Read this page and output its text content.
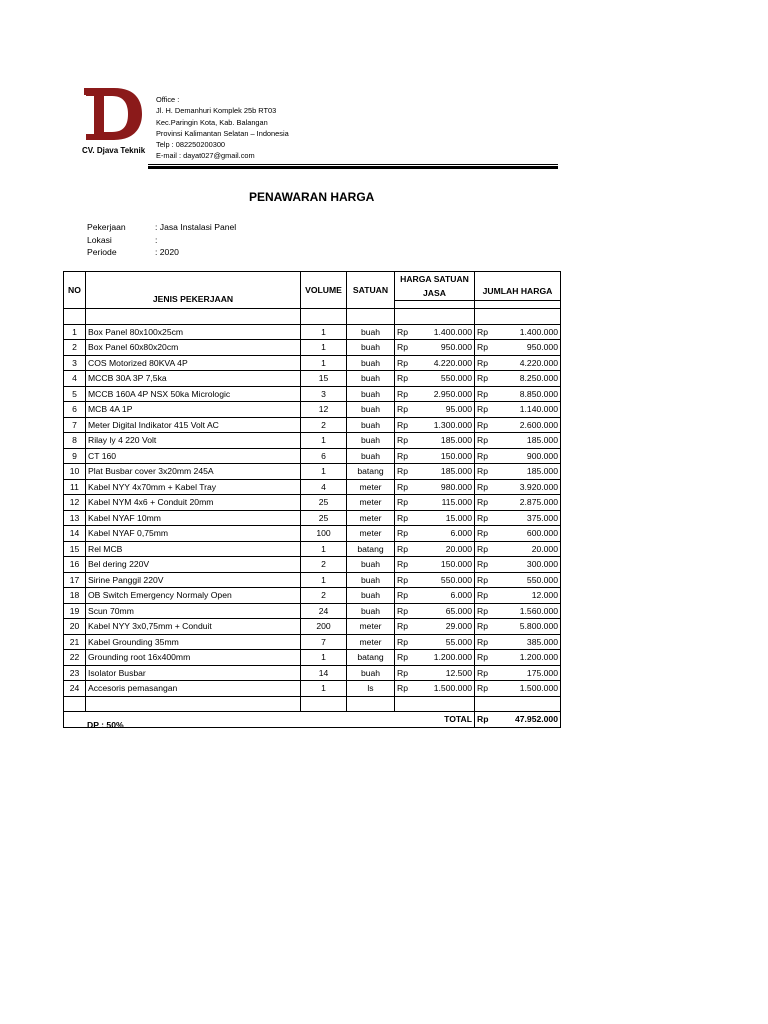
CV. Djava Teknik
Office :
Jl. H. Demanhuri Komplek 25b RT03
Kec.Paringin Kota, Kab. Balangan
Provinsi Kalimantan Selatan – Indonesia
Telp : 082250200300
E-mail : dayat027@gmail.com
PENAWARAN HARGA
Pekerjaan	: Jasa Instalasi Panel
Lokasi	:
Periode	: 2020
NO	JENIS PEKERJAAN	VOLUME	SATUAN	HARGA SATUAN
JASA		JUMLAH HARGA	

1	Box Panel 80x100x25cm	1	buah	Rp	1.400.000	Rp	1.400.000
2	Box Panel 60x80x20cm	1	buah	Rp	950.000	Rp	950.000
3	COS Motorized 80KVA 4P	1	buah	Rp	4.220.000	Rp	4.220.000
4	MCCB 30A 3P 7,5ka	15	buah	Rp	550.000	Rp	8.250.000
5	MCCB 160A 4P NSX 50ka Micrologic	3	buah	Rp	2.950.000	Rp	8.850.000
6	MCB 4A 1P	12	buah	Rp	95.000	Rp	1.140.000
7	Meter Digital Indikator 415 Volt AC	2	buah	Rp	1.300.000	Rp	2.600.000
8	Rilay ly 4 220 Volt	1	buah	Rp	185.000	Rp	185.000
9	CT 160	6	buah	Rp	150.000	Rp	900.000
10	Plat Busbar cover 3x20mm 245A	1	batang	Rp	185.000	Rp	185.000
11	Kabel NYY 4x70mm + Kabel Tray	4	meter	Rp	980.000	Rp	3.920.000
12	Kabel NYM 4x6 + Conduit 20mm	25	meter	Rp	115.000	Rp	2.875.000
13	Kabel NYAF 10mm	25	meter	Rp	15.000	Rp	375.000
14	Kabel NYAF 0,75mm	100	meter	Rp	6.000	Rp	600.000
15	Rel MCB	1	batang	Rp	20.000	Rp	20.000
16	Bel dering 220V	2	buah	Rp	150.000	Rp	300.000
17	Sirine Panggil 220V	1	buah	Rp	550.000	Rp	550.000
18	OB Switch Emergency Normaly Open	2	buah	Rp	6.000	Rp	12.000
19	Scun 70mm	24	buah	Rp	65.000	Rp	1.560.000
20	Kabel NYY 3x0,75mm + Conduit	200	meter	Rp	29.000	Rp	5.800.000
21	Kabel Grounding 35mm	7	meter	Rp	55.000	Rp	385.000
22	Grounding root 16x400mm	1	batang	Rp	1.200.000	Rp	1.200.000
23	Isolator Busbar	14	buah	Rp	12.500	Rp	175.000
24	Accesoris pemasangan	1	ls	Rp	1.500.000	Rp	1.500.000

TOTAL						Rp	47.952.000
DP : 50%
